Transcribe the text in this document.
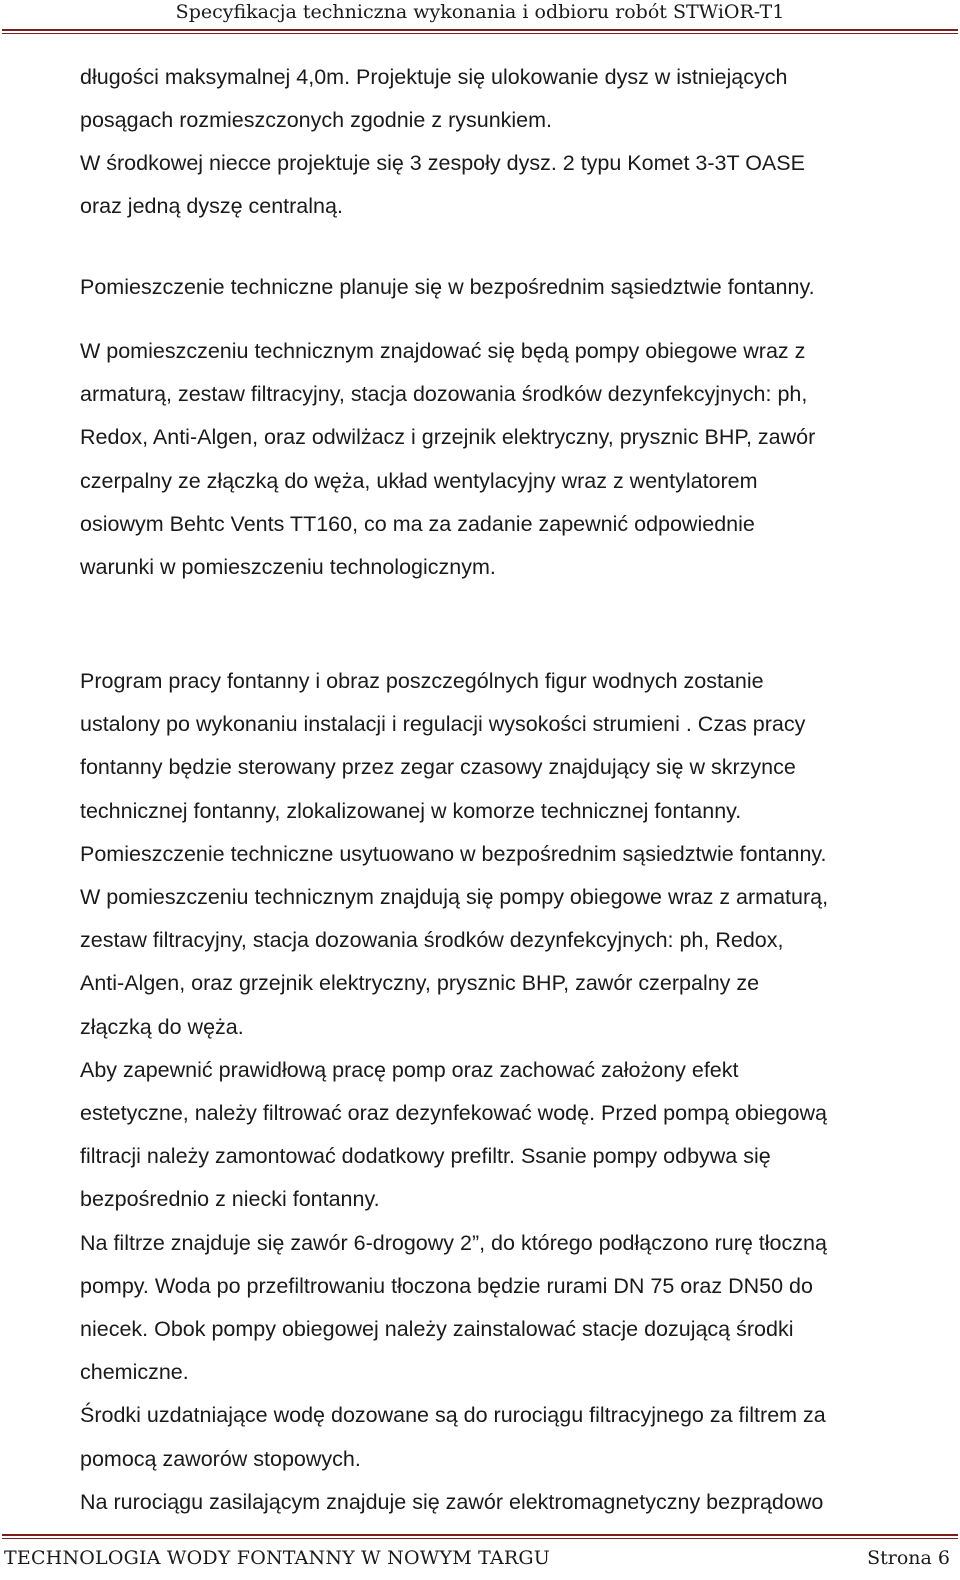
Specyfikacja techniczna wykonania i odbioru robót STWiOR-T1
długości maksymalnej 4,0m. Projektuje się ulokowanie dysz w istniejących
posągach rozmieszczonych zgodnie z rysunkiem.
W środkowej niecce projektuje się 3 zespoły dysz. 2 typu Komet 3-3T OASE
oraz jedną dyszę centralną.
Pomieszczenie techniczne planuje się w bezpośrednim sąsiedztwie fontanny.
W pomieszczeniu technicznym znajdować się będą pompy obiegowe wraz z
armaturą, zestaw filtracyjny, stacja dozowania środków dezynfekcyjnych: ph,
Redox, Anti-Algen, oraz odwilżacz i grzejnik elektryczny, prysznic BHP, zawór
czerpalny ze złączką do węża, układ wentylacyjny wraz z wentylatorem
osiowym Behtc Vents TT160, co ma za zadanie zapewnić odpowiednie
warunki w pomieszczeniu technologicznym.
Program pracy fontanny i obraz poszczególnych figur wodnych zostanie
ustalony po wykonaniu instalacji i regulacji wysokości strumieni . Czas pracy
fontanny będzie sterowany przez zegar czasowy znajdujący się w skrzynce
technicznej fontanny, zlokalizowanej w komorze technicznej fontanny.
Pomieszczenie techniczne usytuowano w bezpośrednim sąsiedztwie fontanny.
W pomieszczeniu technicznym znajdują się pompy obiegowe wraz z armaturą,
zestaw filtracyjny, stacja dozowania środków dezynfekcyjnych: ph, Redox,
Anti-Algen, oraz grzejnik elektryczny, prysznic BHP, zawór czerpalny ze
złączką do węża.
Aby zapewnić prawidłową pracę pomp oraz zachować założony efekt
estetyczne, należy filtrować oraz dezynfekować wodę. Przed pompą obiegową
filtracji należy zamontować dodatkowy prefiltr. Ssanie pompy odbywa się
bezpośrednio z niecki fontanny.
Na filtrze znajduje się zawór 6-drogowy 2”, do którego podłączono rurę tłoczną
pompy. Woda po przefiltrowaniu tłoczona będzie rurami DN 75 oraz DN50 do
niecek. Obok pompy obiegowej należy zainstalować stacje dozującą środki
chemiczne.
Środki uzdatniające wodę dozowane są do rurociągu filtracyjnego za filtrem za
pomocą zaworów stopowych.
Na rurociągu zasilającym znajduje się zawór elektromagnetyczny bezprądowo
TECHNOLOGIA WODY FONTANNY W NOWYM TARGU	Strona 6
